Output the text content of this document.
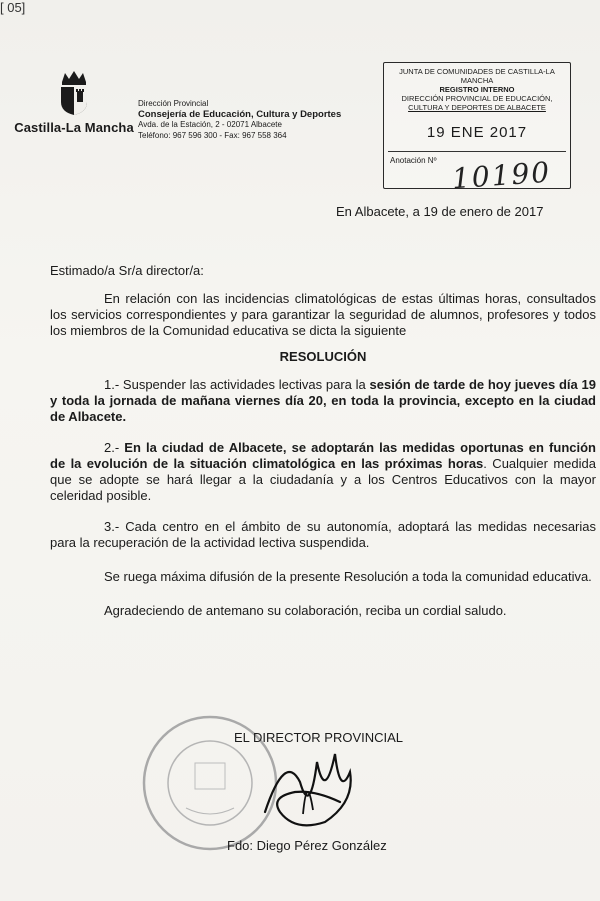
[ 05]
Castilla-La Mancha
Dirección Provincial
Consejería de Educación, Cultura y Deportes
Avda. de la Estación, 2 - 02071 Albacete
Teléfono: 967 596 300 - Fax: 967 558 364
JUNTA DE COMUNIDADES DE CASTILLA-LA MANCHA
REGISTRO INTERNO
DIRECCIÓN PROVINCIAL DE EDUCACIÓN,
CULTURA Y DEPORTES DE ALBACETE
19 ENE 2017
Anotación Nº 10190
En Albacete, a 19 de enero de 2017

Estimado/a Sr/a director/a:

En relación con las incidencias climatológicas de estas últimas horas, consultados los servicios correspondientes y para garantizar la seguridad de alumnos, profesores y todos los miembros de la Comunidad educativa se dicta la siguiente

RESOLUCIÓN

1.- Suspender las actividades lectivas para la sesión de tarde de hoy jueves día 19 y toda la jornada de mañana viernes día 20, en toda la provincia, excepto en la ciudad de Albacete.

2.- En la ciudad de Albacete, se adoptarán las medidas oportunas en función de la evolución de la situación climatológica en las próximas horas. Cualquier medida que se adopte se hará llegar a la ciudadanía y a los Centros Educativos con la mayor celeridad posible.

3.- Cada centro en el ámbito de su autonomía, adoptará las medidas necesarias para la recuperación de la actividad lectiva suspendida.

Se ruega máxima difusión de la presente Resolución a toda la comunidad educativa.

Agradeciendo de antemano su colaboración, reciba un cordial saludo.

EL DIRECTOR PROVINCIAL
Fdo: Diego Pérez González
